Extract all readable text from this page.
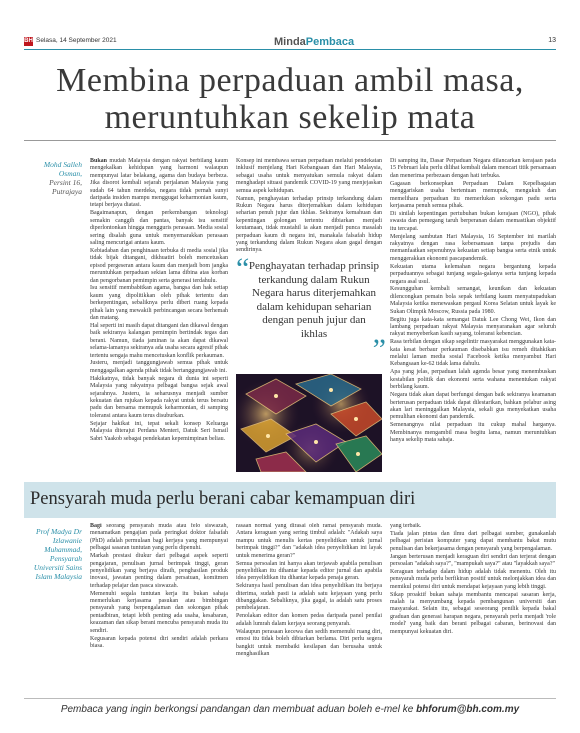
BH Selasa, 14 September 2021	MindaPembaca	13
Membina perpaduan ambil masa,
meruntuhkan sekelip mata
Mohd Salleh Osman,
Persint 16, Putrajaya

Bukan mudah Malaysia dengan rakyat berbilang kaum mengekalkan kehidupan yang harmoni walaupun mempunyai latar belakang, agama dan budaya berbeza. Jika disorot kembali sejarah perjalanan Malaysia yang sudah 64 tahun merdeka, negara tidak pernah sunyi daripada insiden mampu menggugat keharmonian kaum, tetapi berjaya diatasi.

Bagaimanapun, dengan perkembangan teknologi semakin canggih dan pantas, banyak isu sensitif diperlontonkan hingga mengguris perasaan. Media sosial sering disalah guna untuk menyemarakkan perasaan saling mencurigai antara kaum.

Kebiadaban dan penghinaan terbuka di media sosial jika tidak bijak ditangani, dikhuatiri boleh mencetuskan episod pergeseran antara kaum dan menjadi bom jangka meruntuhkan perpaduan sekian lama dibina atas korban dan pengorbanan pemimpin serta generasi terdahulu.

Isu sensitif membabitkan agama, bangsa dan hak setiap kaum yang dipolitikkan oleh pihak tertentu dan berkepentingan, sebaliknya perlu diberi ruang kepada pihak lain yang mewakili perbincangan secara berhemah dan matang.

Hal seperti ini masih dapat ditangani dan dikawal dengan baik sekiranya kalangan pemimpin bertindak tegas dan berani. Namun, tiada jaminan ia akan dapat dikawal selama-lamanya sekiranya ada usaha secara agresif pihak tertentu sengaja mahu mencetuskan konflik perkauman.

Justeru, menjadi tanggungjawab semua pihak untuk menggagalkan agenda pihak tidak bertanggungjawab ini.

Hakikatnya, tidak banyak negara di dunia ini seperti Malaysia yang rakyatnya pelbagai bangsa sejak awal sejarahnya. Justeru, ia seharusnya menjadi sumber kekuatan dan rujukan kepada rakyat untuk terus bersatu padu dan bersama memupuk keharmonian, di samping toleransi antara kaum terus disuburkan.

Sejajar hakikat ini, tepat sekali konsep Keluarga Malaysia diterajui Perdana Menteri, Datuk Seri Ismail Sabri Yaakob sebagai pendekatan kepemimpinan beliau.

Konsep ini membawa seruan perpaduan melalui pendekatan inklusif menjelang Hari Kebangsaan dan Hari Malaysia, sebagai usaha untuk menyatukan semula rakyat dalam menghadapi situasi pandemik COVID-19 yang menjejaskan semua aspek kehidupan.

Namun, penghayatan terhadap prinsip terkandung dalam Rukun Negara harus diterjemahkan dalam kehidupan seharian penuh jujur dan ikhlas. Sekiranya kemahuan dan kepentingan golongan tertentu dibiarkan menjadi keutamaan, tidak mustahil ia akan menjadi punca masalah perpaduan kaum di negara ini, manakala falsafah hidup yang terkandung dalam Rukun Negara akan gagal dengan sendirinya.

“ Penghayatan terhadap prinsip terkandung dalam Rukun Negara harus diterjemahkan dalam kehidupan seharian dengan penuh jujur dan ikhlas	”

Di samping itu, Dasar Perpaduan Negara dilancarkan kerajaan pada 15 Februari lalu perlu dilihat kembali dalam mencari titik persamaan dan menerima perbezaan dengan hati terbuka.

Gagasan berkonsepkan Perpaduan Dalam Kepelbagaian menggariskan usaha bertentuan memupuk, mengukuh dan memelihara perpaduan itu memerlukan sokongan padu serta kerjasama penuh semua pihak.

Di sinilah kepentingan pertubuhan bukan kerajaan (NGO), pihak swasta dan pemegang taruh berperanan dalam memastikan objektif itu tercapai.

Menjelang sambutan Hari Malaysia, 16 September ini marilah rakyatnya dengan rasa kebersamaan tanpa prejudis dan memanfaatkan sepenuhnya kekuatan setiap bangsa serta etnik untuk menggerakkan ekonomi pascapandemik.

Kekuatan utama kelemahan negara bergantung kepada perpaduannya sebagai tunjang segala-galanya serta tunjang kepada negara asal usul.

Kesungguhan kembali semangat, keunikan dan kekuatan dilencongkan pemain bola sepak terbilang kaum menyatupadukan Malaysia ketika menewaskan pergaul Korea Selatan untuk layak ke Sukan Olimpik Moscow, Russia pada 1980.

Begitu juga kata-kata semangat Datuk Lee Chong Wei, Ikon dan lambang perpaduan rakyat Malaysia menyaranakan agar seluruh rakyat menyeberkan kasih sayang, toleransi kebencian.

Rasa terbilan dengan sikap segelintir masyarakat menggunakan kata-kata kesat berbaur perkauman disebabkan isu remeh ditahkikan melalui laman media sosial Facebook ketika menyambut Hari Kebangsaan ke-62 tidak lama dahulu.

Apa yang jelas, perpaduan lalah agenda besar yang menembuskan kestabilan politik dan ekonomi serta wahana menentukan rakyat berbilang kaum.

Negara tidak akan dapat berfungsi dengan baik sekiranya keamanan berterusan perpaduan tidak dapat dilestarikan, bahkan pelabur asing akan lari meninggalkan Malaysia, sekali gus menyekatkan usaha pemulihan ekonomi dan pandemik.

Semenangnya nilai perpaduan itu cukup mahal harganya. Membinanya mengambil masa begitu lama, namun meruntuhkan hanya sekelip mata sahaja.

Pensyarah muda perlu berani cabar kemampuan diri
Prof Madya Dr Izlawanie Muhammad,
Pensyarah Universiti Sains Islam Malaysia

Bagi seorang pensyarah muda atau felo siswazah, menamatkan pengajian pada peringkat doktor falsafah (PhD) adalah permulaan bagi kerjaya yang mempunyai pelbagai sasaran tuntutan yang perlu dipenuhi.

Markah prestasi diukur dari pelbagai aspek seperti pengajaran, penulisan jurnal berimpak tinggi, geran penyelidikan yang berjaya diraih, penghasilan produk inovasi, jawatan penting dalam persatuan, komitmen terhadap pelajar dan pasca siswazah.

Memenuhi segala tuntutan kerja itu bukan sahaja memerlukan kerjasama pasukan atau bimbingan pensyarah yang berpengalaman dan sokongan pihak pentadbiran, tetapi lebih penting ada usaha, kesabaran, keazaman dan sikap berani mencuba pensyarah muda itu sendiri.

Kegusaran kepada potensi diri sendiri adalah perkara biasa.

rasaan normal yang dirasai oleh ramai pensyarah muda. Antara keraguan yang sering timbul adalah: "Adakah saya mampu untuk menulis kertas penyelidikan untuk jurnal berimpak tinggi?" dan "adakah idea penyelidikan ini layak untuk menerima geran?"

Semua persoalan ini hanya akan terjawab apabila penulisan penyelidikan itu dihantar kepada editor jurnal dan apabila idea penyelidikan itu dihantar kepada penaja geran.

Sekiranya hasil penulisan dan idea penyelidikan itu berjaya diterima, sudah pasti ia adalah satu kejayaan yang perlu dibanggakan. Sebaliknya, jika gagal, ia adalah satu proses pembelajaran.

Penolakan editor dan komen pedas daripada panel penilai adalah lumrah dalam kerjaya seorang penyarah.

Walaupun perasaan kecewa dan sedih memenuhi ruang diri, emosi itu tidak boleh dibiarkan berlama. Diri perlu segera bangkit untuk membaiki kesilapan dan berusaha untuk menghasilkan

yang terbaik.

Tiada jalan pintas dan ilmu dari pelbagai sumber, gunakanlah pelbagai perisian komputer yang dapat membantu bakat mutu penulisan dan bekerjasama dengan pensyarah yang berpengalaman.

Jangan berterusan menjadi keraguan diri sendiri dan terjerat dengan persoalan "adakah saya?", "mampukah saya?" atau "layakkah saya?"

Keraguan terhadap dalam hidup adalah tidak menentu. Oleh itu pensyarah muda perlu berfikiran positif untuk melonjakkan idea dan memikul potensi diri untuk mendapat kejayaan yang lebih tinggi.

Sikap proaktif bukan sahaja membantu mencapai sasaran kerja, malah ia menyumbang kepada pembangunan universiti dan masyarakat. Selain itu, sebagai seseorang penilik kepada bakal graduan dan generasi harapan negara, pensyarah perlu menjadi 'role model' yang baik dan berani pelbagai cabaran, berinovasi dan mempunyai kekuatan diri.

Pembaca yang ingin berkongsi pandangan dan membuat aduan boleh e-mel ke bhforum@bh.com.my
